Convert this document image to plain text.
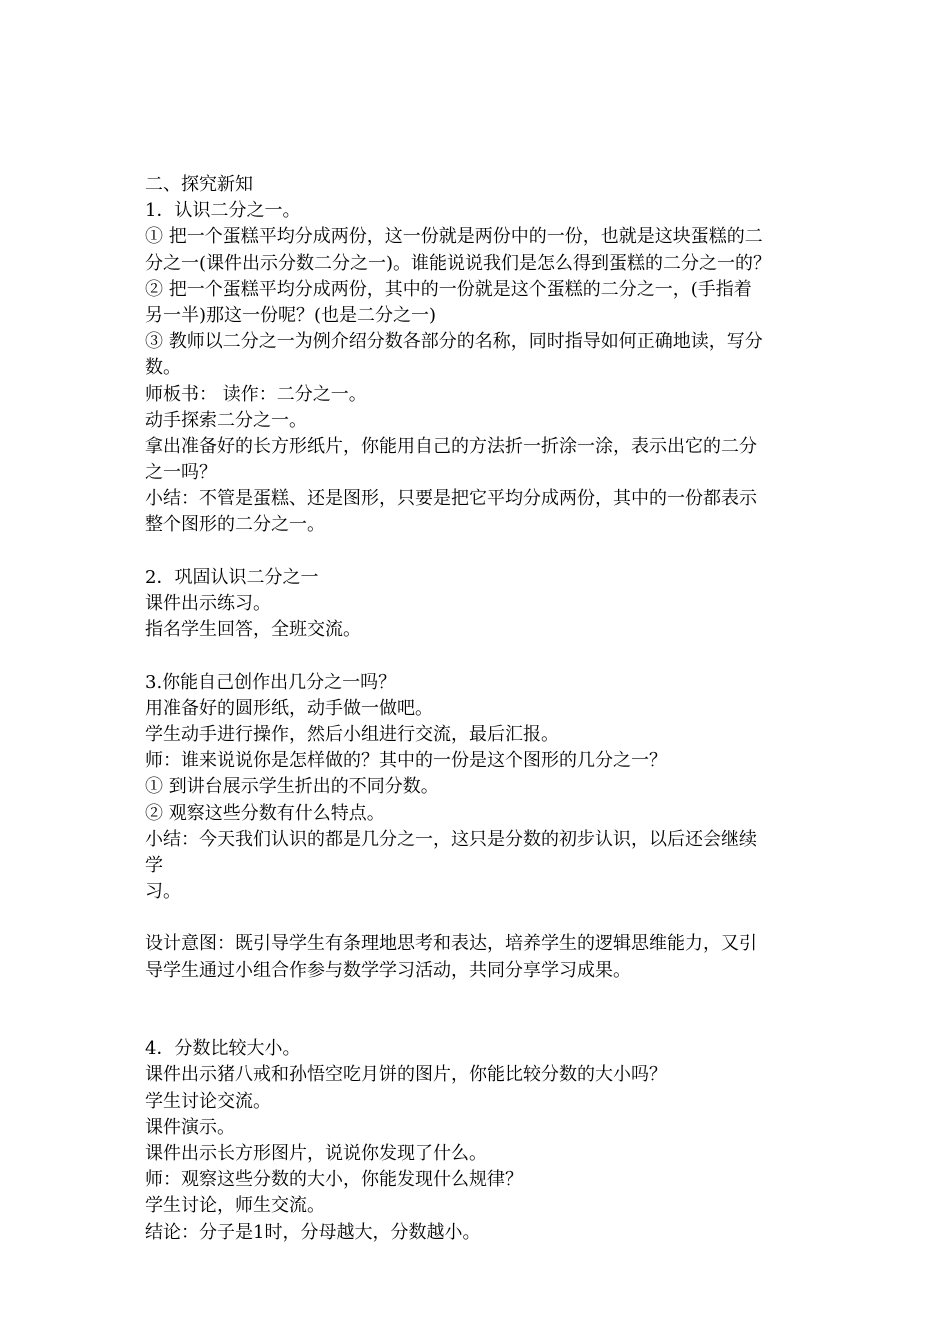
二、探究新知
1．认识二分之一。
① 把一个蛋糕平均分成两份，这一份就是两份中的一份，也就是这块蛋糕的二
分之一(课件出示分数二分之一)。谁能说说我们是怎么得到蛋糕的二分之一的？
② 把一个蛋糕平均分成两份，其中的一份就是这个蛋糕的二分之一，(手指着
另一半)那这一份呢？(也是二分之一)
③ 教师以二分之一为例介绍分数各部分的名称，同时指导如何正确地读，写分
数。
师板书： 读作：二分之一。
动手探索二分之一。
拿出准备好的长方形纸片，你能用自己的方法折一折涂一涂，表示出它的二分
之一吗？
小结：不管是蛋糕、还是图形，只要是把它平均分成两份，其中的一份都表示
整个图形的二分之一。
2．巩固认识二分之一
课件出示练习。
指名学生回答，全班交流。
3.你能自己创作出几分之一吗？
用准备好的圆形纸，动手做一做吧。
学生动手进行操作，然后小组进行交流，最后汇报。
师：谁来说说你是怎样做的？其中的一份是这个图形的几分之一？
① 到讲台展示学生折出的不同分数。
② 观察这些分数有什么特点。
小结：今天我们认识的都是几分之一，这只是分数的初步认识，以后还会继续
学
习。
设计意图：既引导学生有条理地思考和表达，培养学生的逻辑思维能力，又引
导学生通过小组合作参与数学学习活动，共同分享学习成果。
4．分数比较大小。
课件出示猪八戒和孙悟空吃月饼的图片，你能比较分数的大小吗？
学生讨论交流。
课件演示。
课件出示长方形图片，说说你发现了什么。
师：观察这些分数的大小，你能发现什么规律？
学生讨论，师生交流。
结论：分子是1时，分母越大，分数越小。
